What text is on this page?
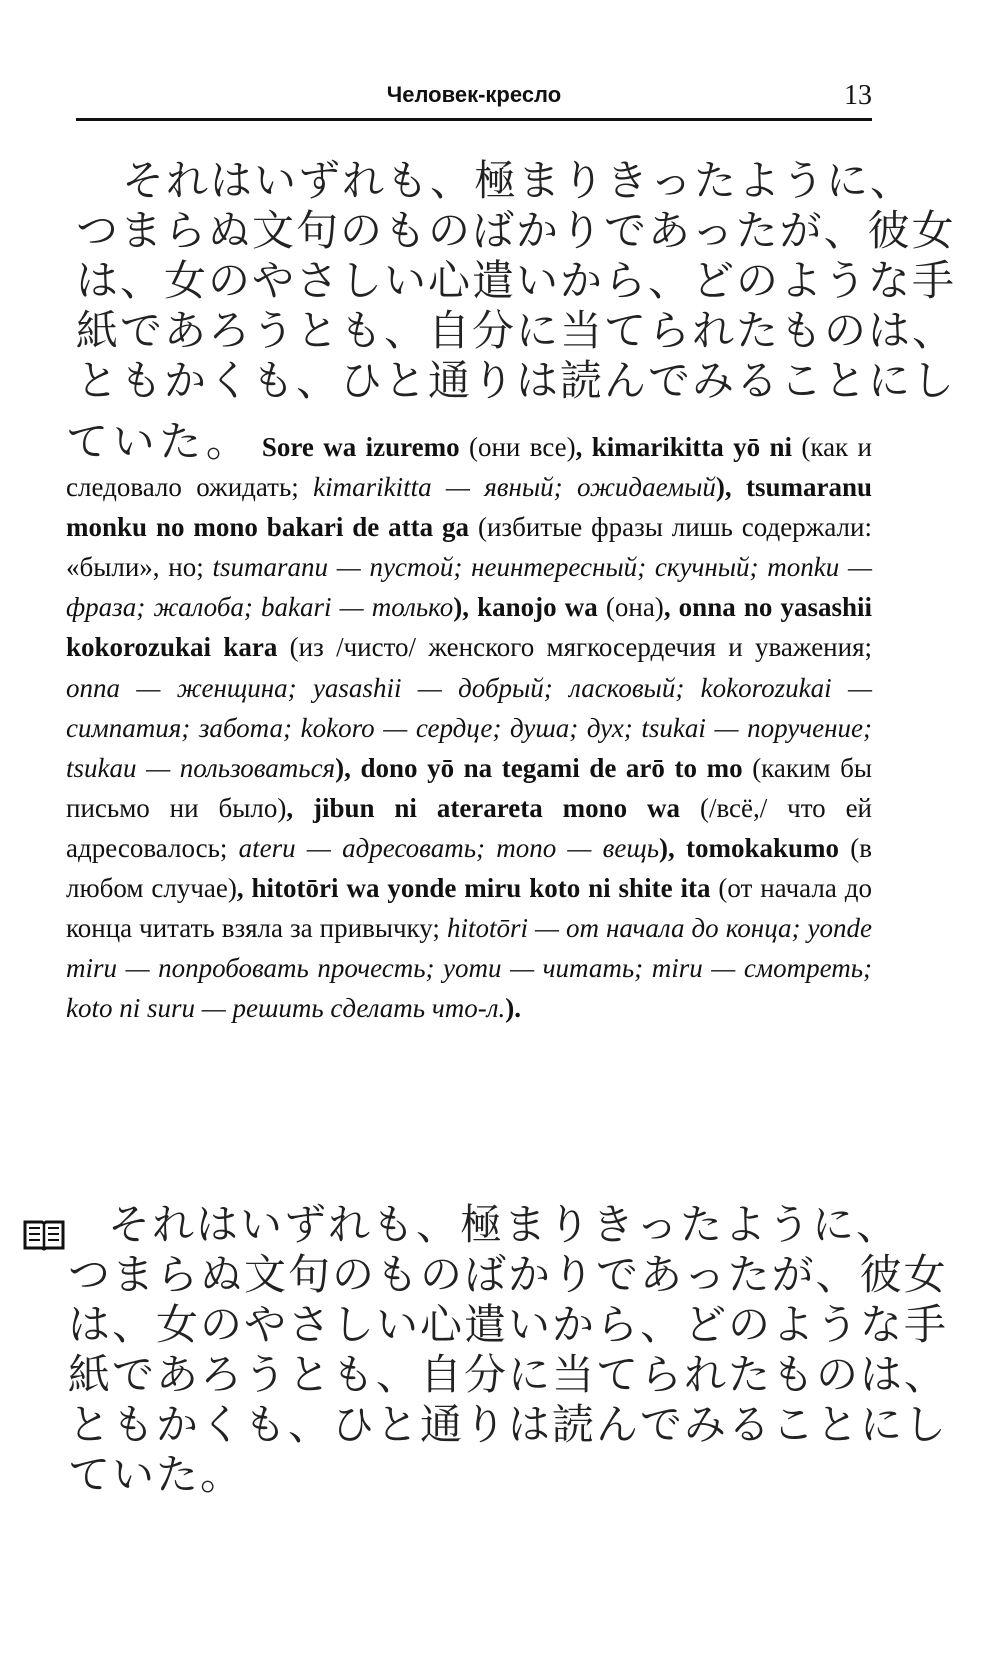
Человек-кресло	13
それはいずれも、極まりきったように、
つまらぬ文句のものばかりであったが、彼女
は、女のやさしい心遣いから、どのような手
紙であろうとも、自分に当てられたものは、
ともかくも、ひと通りは読んでみることにし
ていた。 Sore wa izuremo (они все), kimarikitta yō ni (как и следовало ожидать; kimarikitta — явный; ожидаемый), tsumaranu monku no mono bakari de atta ga (избитые фразы лишь содержали: «были», но; tsumaranu — пустой; неинтересный; скучный; monku — фраза; жалоба; bakari — только), kanojo wa (она), onna no yasashii kokorozukai kara (из /чисто/ женского мягкосердечия и уважения; onna — женщина; yasashii — добрый; ласковый; kokorozukai — симпатия; забота; kokoro — сердце; душа; дух; tsukai — поручение; tsukau — пользоваться), dono yō na tegami de arō to mo (каким бы письмо ни было), jibun ni aterareta mono wa (/всё,/ что ей адресовалось; ateru — адресовать; mono — вещь), tomokakumo (в любом случае), hitotōri wa yonde miru koto ni shite ita (от начала до конца читать взяла за привычку; hitotōri — от начала до конца; yonde miru — попробовать прочесть; yomu — читать; miru — смотреть; koto ni suru — решить сделать что-л.).
それはいずれも、極まりきったように、
つまらぬ文句のものばかりであったが、彼女
は、女のやさしい心遣いから、どのような手
紙であろうとも、自分に当てられたものは、
ともかくも、ひと通りは読んでみることにし
ていた。
